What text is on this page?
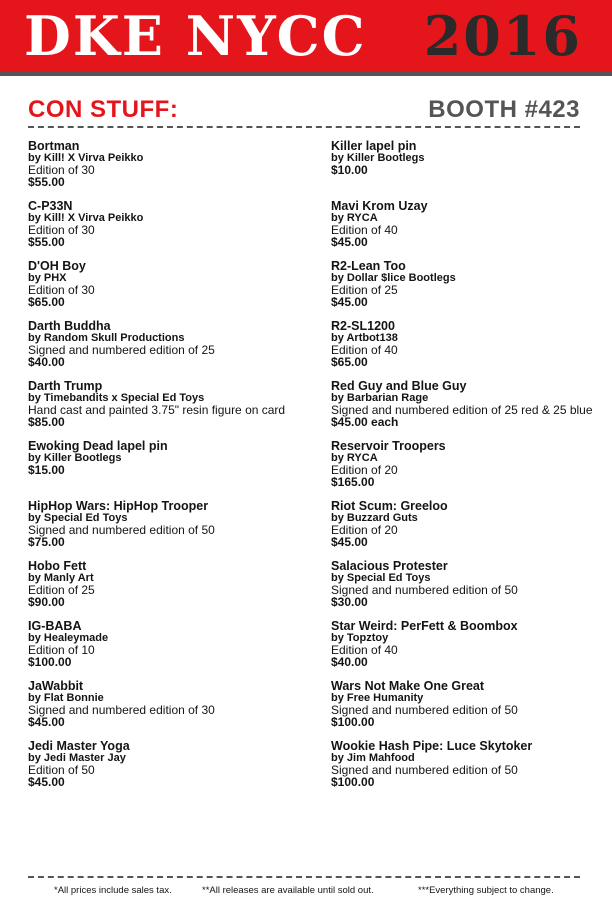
DKE NYCC 2016
CON STUFF:	BOOTH #423
Bortman
by Kill! X Virva Peikko
Edition of 30
$55.00
C-P33N
by Kill! X Virva Peikko
Edition of 30
$55.00
D'OH Boy
by PHX
Edition of 30
$65.00
Darth Buddha
by Random Skull Productions
Signed and numbered edition of 25
$40.00
Darth Trump
by Timebandits x Special Ed Toys
Hand cast and painted 3.75" resin figure on card
$85.00
Ewoking Dead lapel pin
by Killer Bootlegs
$15.00
HipHop Wars: HipHop Trooper
by Special Ed Toys
Signed and numbered edition of 50
$75.00
Hobo Fett
by Manly Art
Edition of 25
$90.00
IG-BABA
by Healeymade
Edition of 10
$100.00
JaWabbit
by Flat Bonnie
Signed and numbered edition of 30
$45.00
Jedi Master Yoga
by Jedi Master Jay
Edition of 50
$45.00
Killer lapel pin
by Killer Bootlegs
$10.00
Mavi Krom Uzay
by RYCA
Edition of 40
$45.00
R2-Lean Too
by Dollar $lice Bootlegs
Edition of 25
$45.00
R2-SL1200
by Artbot138
Edition of 40
$65.00
Red Guy and Blue Guy
by Barbarian Rage
Signed and numbered edition of 25 red & 25 blue
$45.00 each
Reservoir Troopers
by RYCA
Edition of 20
$165.00
Riot Scum: Greeloo
by Buzzard Guts
Edition of 20
$45.00
Salacious Protester
by Special Ed Toys
Signed and numbered edition of 50
$30.00
Star Weird: PerFett & Boombox
by Topztoy
Edition of 40
$40.00
Wars Not Make One Great
by Free Humanity
Signed and numbered edition of 50
$100.00
Wookie Hash Pipe: Luce Skytoker
by Jim Mahfood
Signed and numbered edition of 50
$100.00
*All prices include sales tax.	**All releases are available until sold out.	***Everything subject to change.
